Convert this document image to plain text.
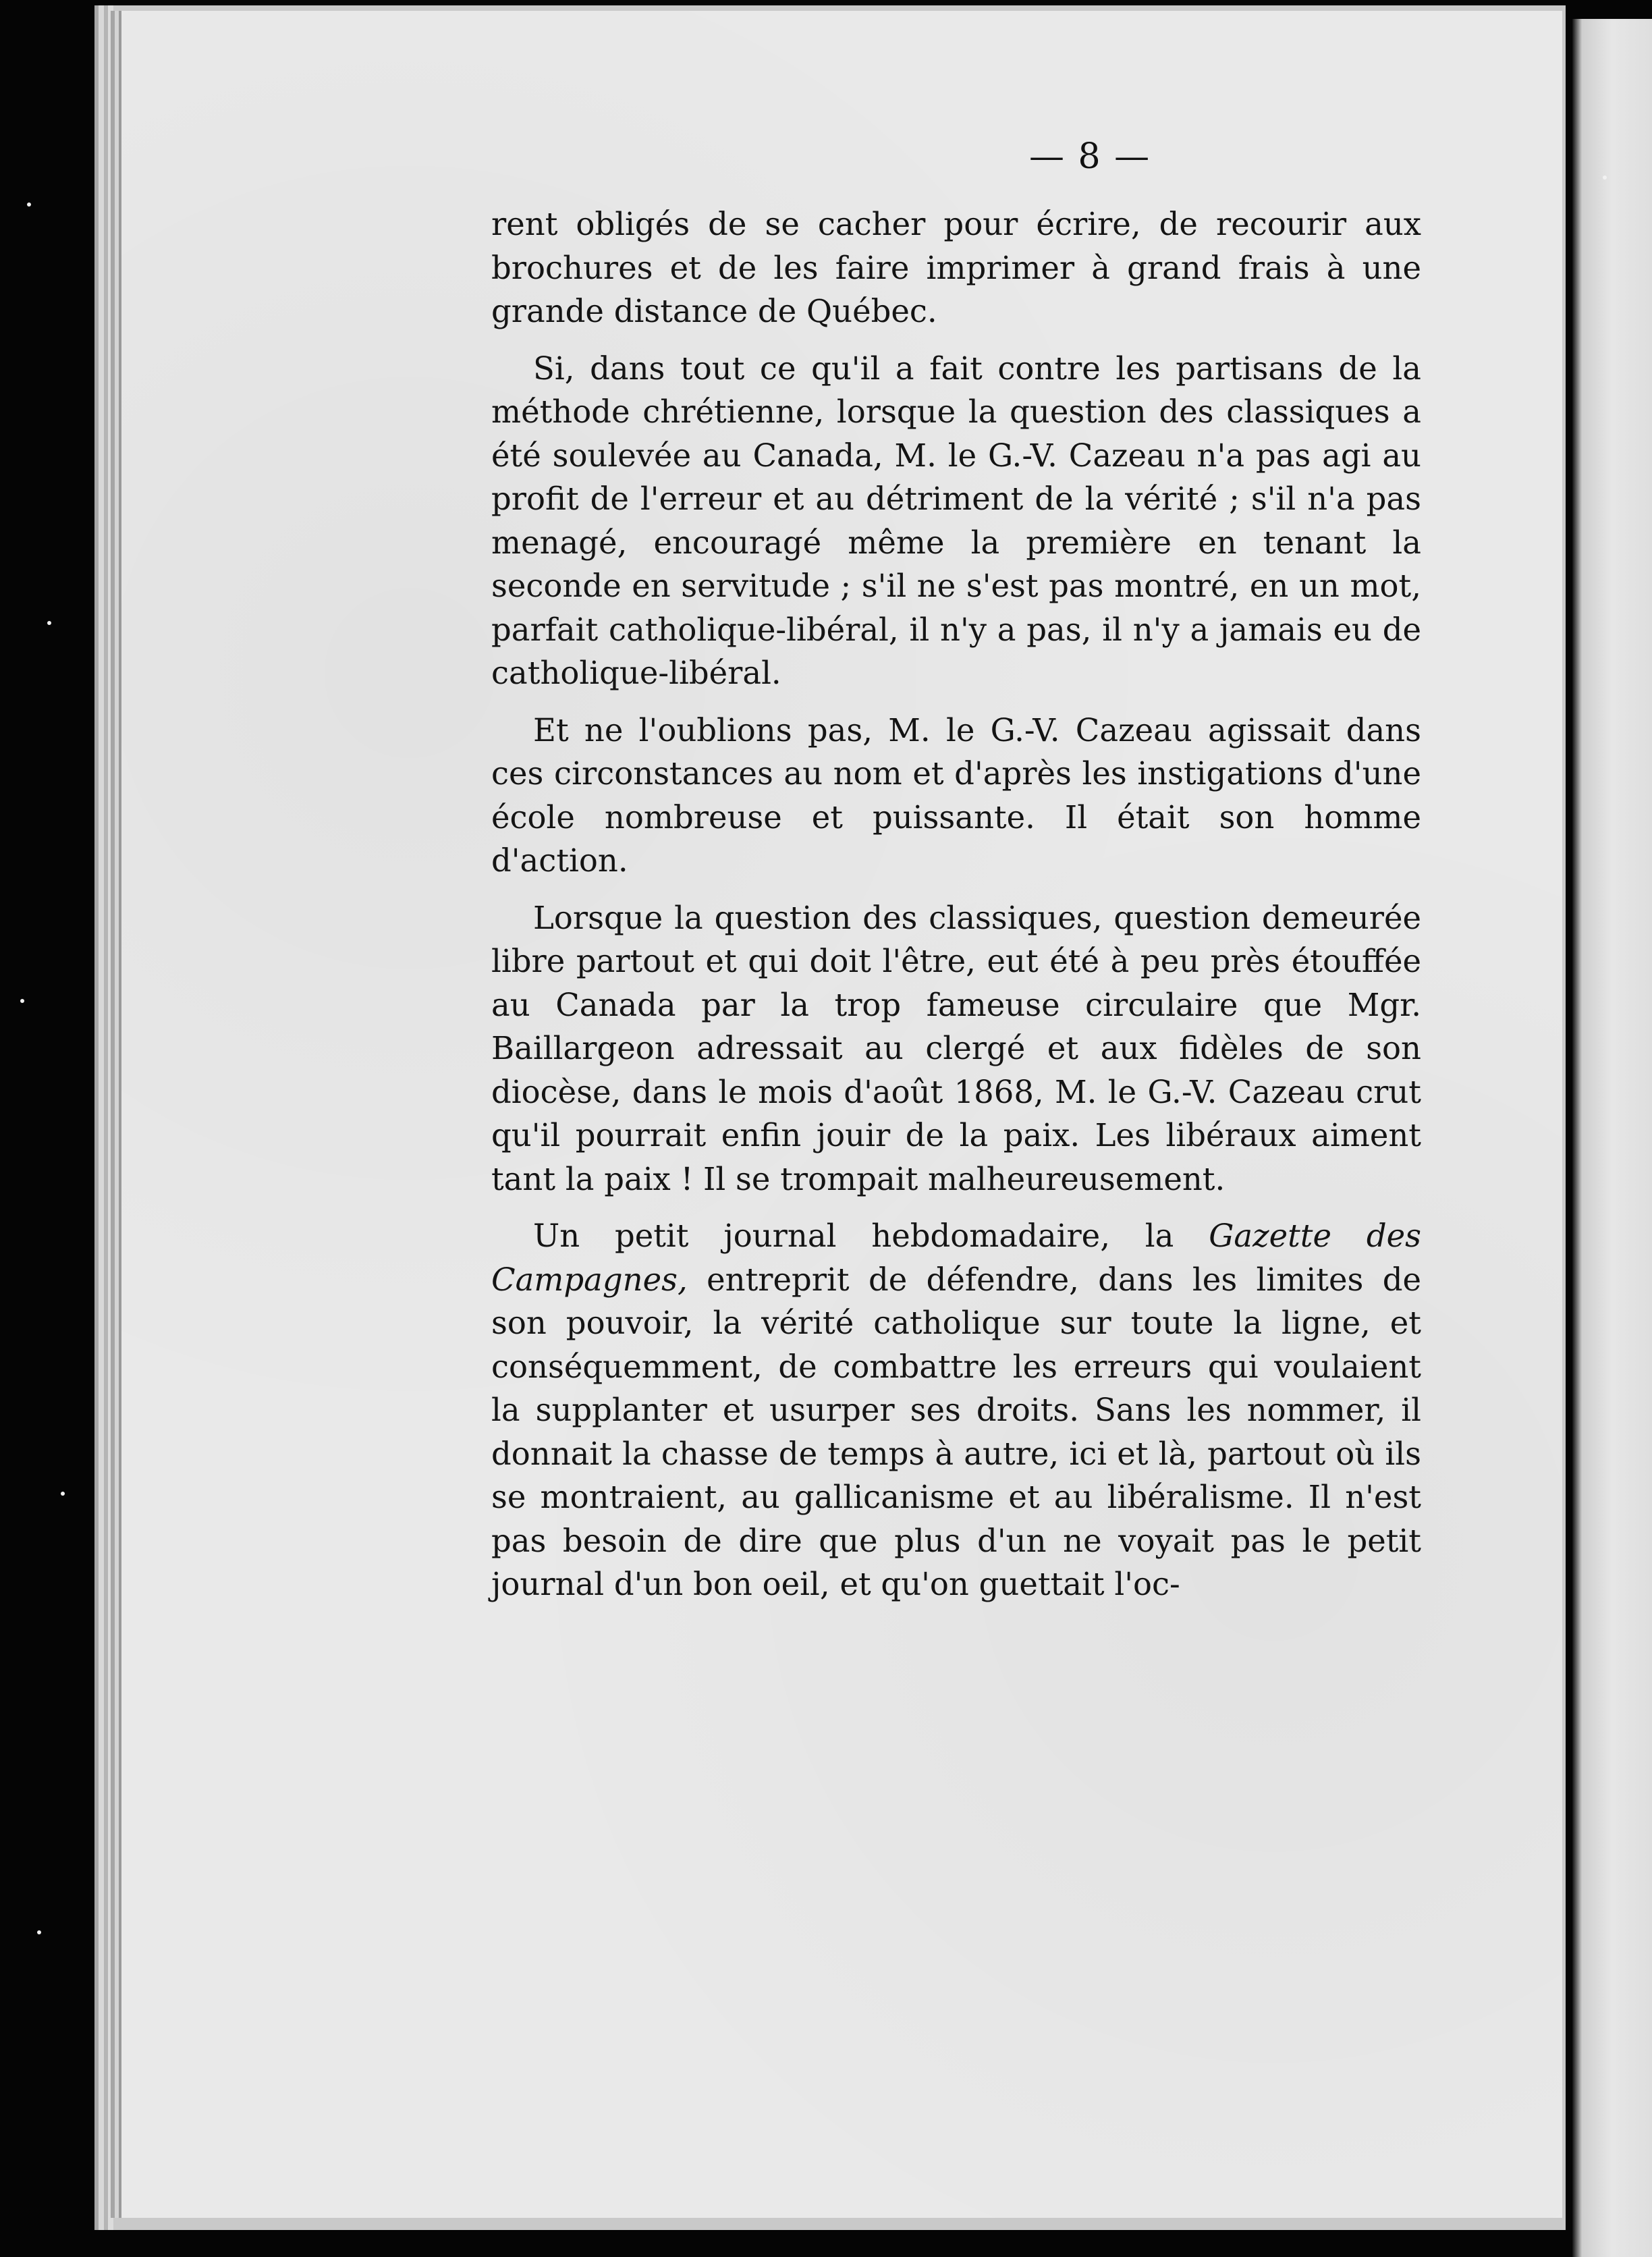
— 8 —

rent obligés de se cacher pour écrire, de recourir aux brochures et de les faire imprimer à grand frais à une grande distance de Québec.

Si, dans tout ce qu'il a fait contre les partisans de la méthode chrétienne, lorsque la question des classiques a été soulevée au Canada, M. le G.-V. Cazeau n'a pas agi au profit de l'erreur et au détriment de la vérité ; s'il n'a pas menagé, encouragé même la première en tenant la seconde en servitude ; s'il ne s'est pas montré, en un mot, parfait catholique-libéral, il n'y a pas, il n'y a jamais eu de catholique-libéral.

Et ne l'oublions pas, M. le G.-V. Cazeau agissait dans ces circonstances au nom et d'après les instigations d'une école nombreuse et puissante. Il était son homme d'action.

Lorsque la question des classiques, question demeurée libre partout et qui doit l'être, eut été à peu près étouffée au Canada par la trop fameuse circulaire que Mgr. Baillargeon adressait au clergé et aux fidèles de son diocèse, dans le mois d'août 1868, M. le G.-V. Cazeau crut qu'il pourrait enfin jouir de la paix. Les libéraux aiment tant la paix ! Il se trompait malheureusement.

Un petit journal hebdomadaire, la Gazette des Campagnes, entreprit de défendre, dans les limites de son pouvoir, la vérité catholique sur toute la ligne, et conséquemment, de combattre les erreurs qui voulaient la supplanter et usurper ses droits. Sans les nommer, il donnait la chasse de temps à autre, ici et là, partout où ils se montraient, au gallicanisme et au libéralisme. Il n'est pas besoin de dire que plus d'un ne voyait pas le petit journal d'un bon oeil, et qu'on guettait l'oc-
